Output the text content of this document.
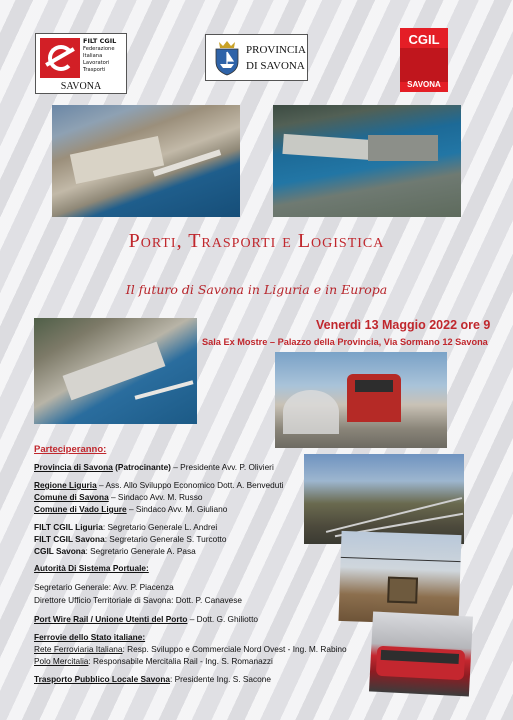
FILT CGIL
Federazione
Italiana
Lavoratori
Trasporti
SAVONA
PROVINCIA
DI SAVONA
CGIL
SAVONA
Porti, Trasporti e Logistica
Il futuro di Savona in Liguria e in Europa
Venerdì 13 Maggio 2022 ore 9
Sala Ex Mostre – Palazzo della Provincia, Via Sormano 12 Savona
Parteciperanno:
Provincia di Savona (Patrocinante) – Presidente Avv. P. Olivieri
Regione Liguria – Ass. Allo Sviluppo Economico Dott. A. Benveduti
Comune di Savona – Sindaco Avv. M. Russo
Comune di Vado Ligure – Sindaco Avv. M. Giuliano
FILT CGIL Liguria: Segretario Generale L. Andrei
FILT CGIL Savona: Segretario Generale S. Turcotto
CGIL Savona: Segretario Generale A. Pasa
Autorità Di Sistema Portuale:
Segretario Generale: Avv. P. Piacenza
Direttore Ufficio Territoriale di Savona: Dott. P. Canavese
Port Wire Rail / Unione Utenti del Porto – Dott. G. Ghiliotto
Ferrovie dello Stato italiane:
Rete Ferroviaria Italiana: Resp. Sviluppo e Commerciale Nord Ovest - Ing. M. Rabino
Polo Mercitalia: Responsabile Mercitalia Rail - Ing. S. Romanazzi
Trasporto Pubblico Locale Savona: Presidente Ing. S. Sacone
